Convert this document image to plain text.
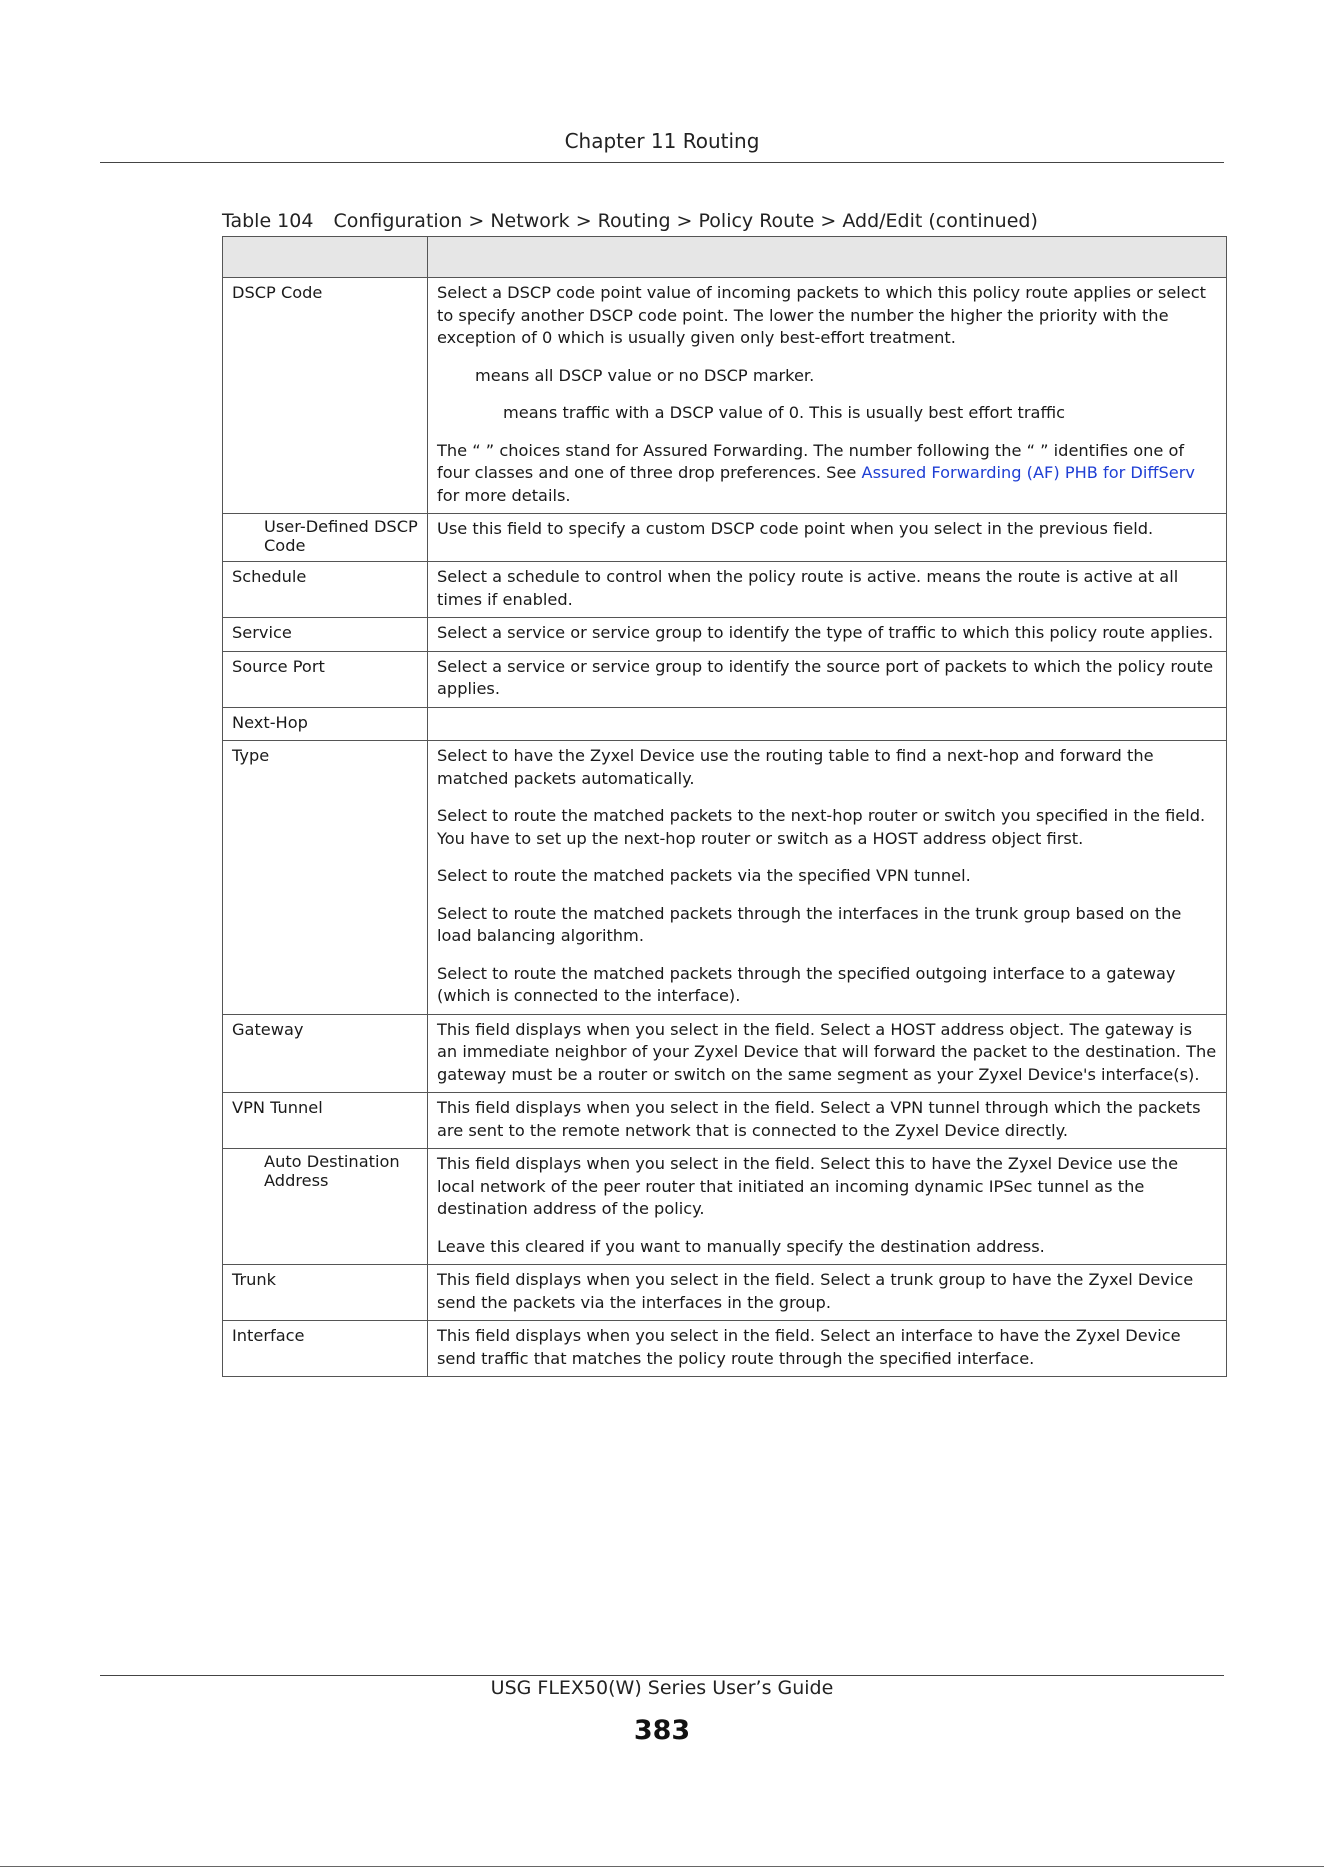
Chapter 11 Routing
Table 104 Configuration > Network > Routing > Policy Route > Add/Edit (continued)

DSCP Code	Select a DSCP code point value of incoming packets to which this policy route applies or select to specify another DSCP code point. The lower the number the higher the priority with the exception of 0 which is usually given only best-effort treatment.

means all DSCP value or no DSCP marker.

means traffic with a DSCP value of 0. This is usually best effort traffic

The “ ” choices stand for Assured Forwarding. The number following the “ ” identifies one of four classes and one of three drop preferences. See Assured Forwarding (AF) PHB for DiffServ for more details.

User-Defined DSCP Code	Use this field to specify a custom DSCP code point when you select in the previous field.

Schedule	Select a schedule to control when the policy route is active. means the route is active at all times if enabled.

Service	Select a service or service group to identify the type of traffic to which this policy route applies.

Source Port	Select a service or service group to identify the source port of packets to which the policy route applies.

Next-Hop	

Type	Select to have the Zyxel Device use the routing table to find a next-hop and forward the matched packets automatically.

Select to route the matched packets to the next-hop router or switch you specified in the field. You have to set up the next-hop router or switch as a HOST address object first.

Select to route the matched packets via the specified VPN tunnel.

Select to route the matched packets through the interfaces in the trunk group based on the load balancing algorithm.

Select to route the matched packets through the specified outgoing interface to a gateway (which is connected to the interface).

Gateway	This field displays when you select in the field. Select a HOST address object. The gateway is an immediate neighbor of your Zyxel Device that will forward the packet to the destination. The gateway must be a router or switch on the same segment as your Zyxel Device's interface(s).

VPN Tunnel	This field displays when you select in the field. Select a VPN tunnel through which the packets are sent to the remote network that is connected to the Zyxel Device directly.

Auto Destination Address	This field displays when you select in the field. Select this to have the Zyxel Device use the local network of the peer router that initiated an incoming dynamic IPSec tunnel as the destination address of the policy.

Leave this cleared if you want to manually specify the destination address.

Trunk	This field displays when you select in the field. Select a trunk group to have the Zyxel Device send the packets via the interfaces in the group.

Interface	This field displays when you select in the field. Select an interface to have the Zyxel Device send traffic that matches the policy route through the specified interface.

USG FLEX50(W) Series User’s Guide
383
